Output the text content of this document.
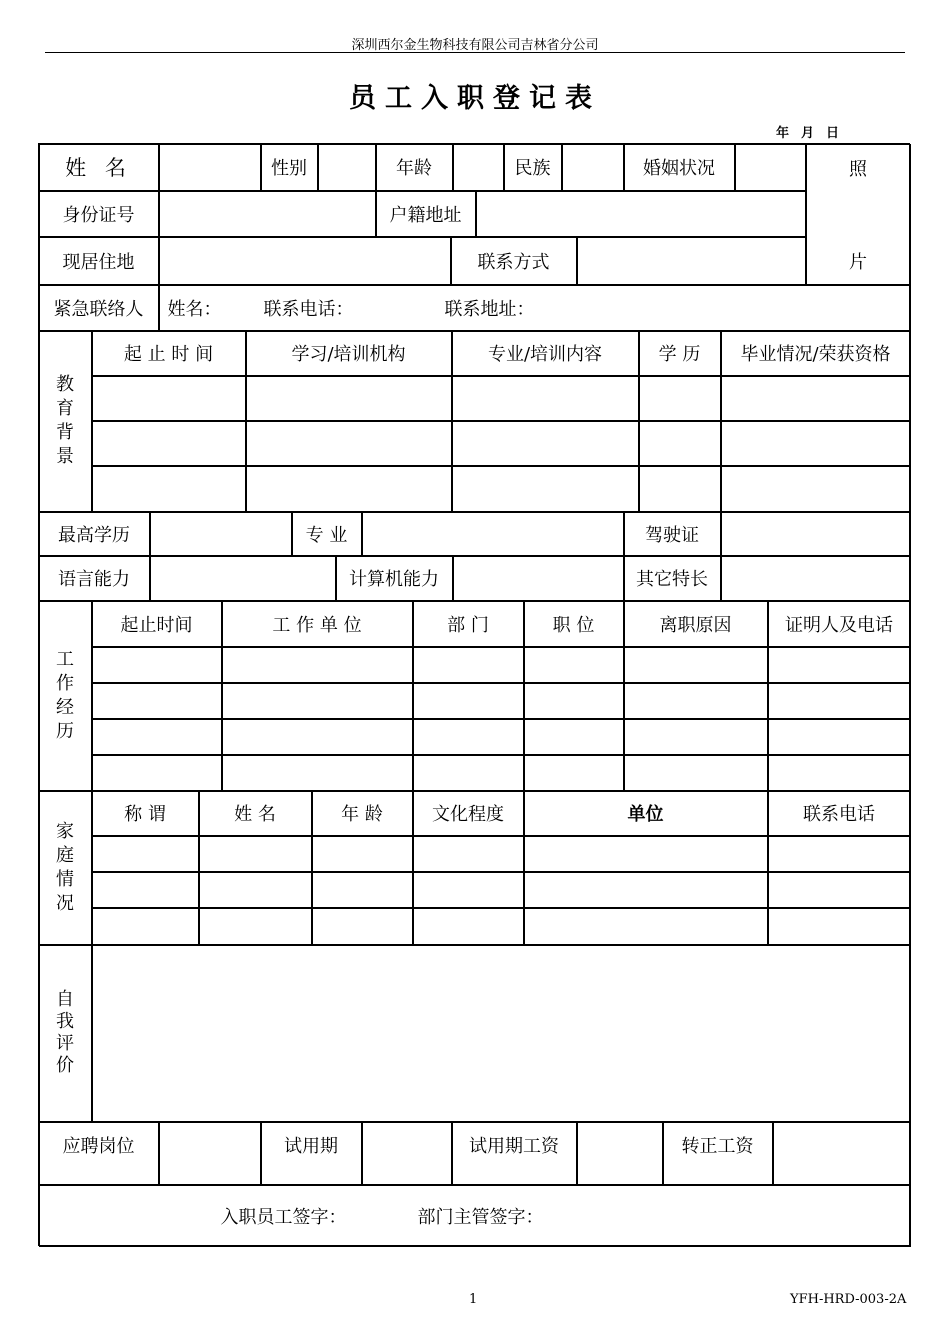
深圳西尔金生物科技有限公司吉林省分公司
员工入职登记表
年 月 日
姓 名	性别	年龄	民族	婚姻状况	照
片
身份证号	户籍地址
现居住地	联系方式
紧急联络人	姓名：	联系电话：	联系地址：
教
育
背
景
起 止 时 间	学习/培训机构	专业/培训内容	学 历	毕业情况/荣获资格
最高学历	专 业	驾驶证
语言能力	计算机能力	其它特长
工
作
经
历
起止时间	工 作 单 位	部 门	职 位	离职原因	证明人及电话
家
庭
情
况
称 谓	姓 名	年 龄	文化程度	单位	联系电话
自
我
评
价
应聘岗位	试用期	试用期工资	转正工资
入职员工签字：	部门主管签字：
1	YFH-HRD-003-2A
